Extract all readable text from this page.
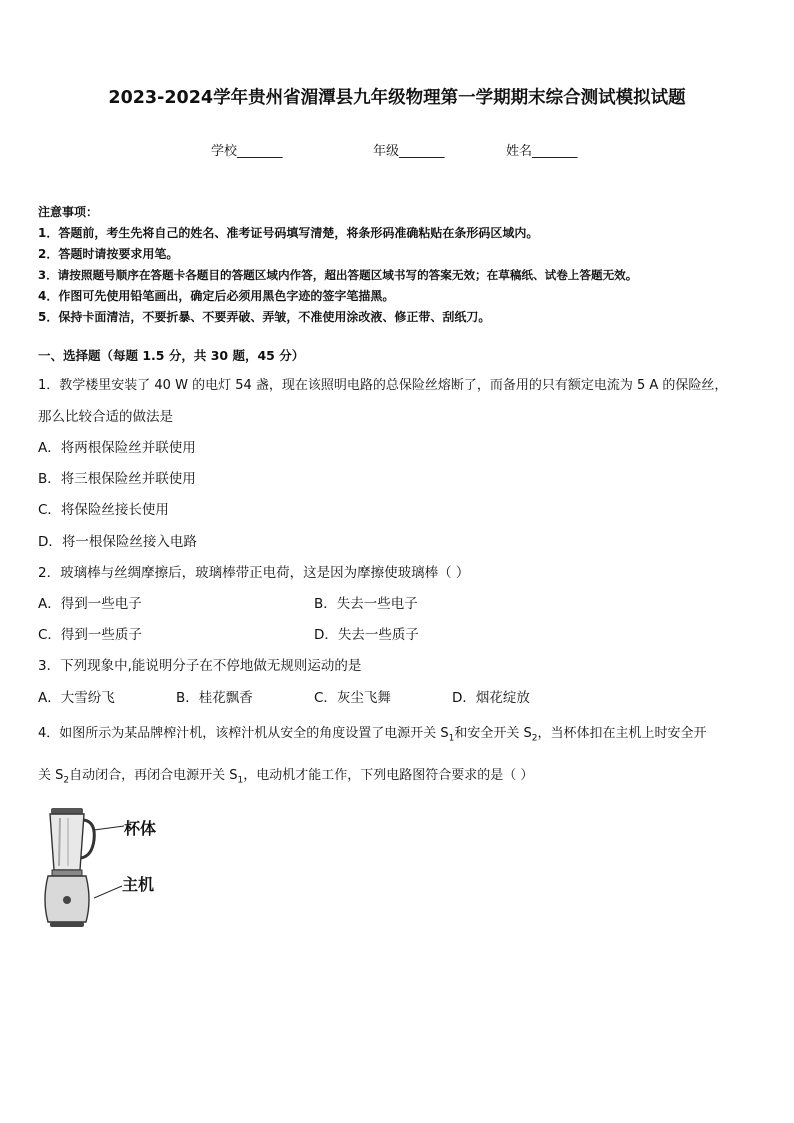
2023-2024学年贵州省湄潭县九年级物理第一学期期末综合测试模拟试题
学校_______	年级_______	姓名_______
注意事项：
1．答题前，考生先将自己的姓名、准考证号码填写清楚，将条形码准确粘贴在条形码区域内。
2．答题时请按要求用笔。
3．请按照题号顺序在答题卡各题目的答题区域内作答，超出答题区域书写的答案无效；在草稿纸、试卷上答题无效。
4．作图可先使用铅笔画出，确定后必须用黑色字迹的签字笔描黑。
5．保持卡面清洁，不要折暴、不要弄破、弄皱，不准使用涂改液、修正带、刮纸刀。
一、选择题（每题 1.5 分，共 30 题，45 分）
1．教学楼里安装了 40 W 的电灯 54 盏，现在该照明电路的总保险丝熔断了，而备用的只有额定电流为 5 A 的保险丝，
那么比较合适的做法是
A．将两根保险丝并联使用
B．将三根保险丝并联使用
C．将保险丝接长使用
D．将一根保险丝接入电路
2．玻璃棒与丝绸摩擦后，玻璃棒带正电荷，这是因为摩擦使玻璃棒（ ）
A．得到一些电子	B．失去一些电子
C．得到一些质子	D．失去一些质子
3．下列现象中,能说明分子在不停地做无规则运动的是
A．大雪纷飞	B．桂花飘香	C．灰尘飞舞	D．烟花绽放
4．如图所示为某品牌榨汁机，该榨汁机从安全的角度设置了电源开关 $S_1$和安全开关 $S_2$，当杯体扣在主机上时安全开
关 $S_2$自动闭合，再闭合电源开关 $S_1$，电动机才能工作，下列电路图符合要求的是（ ）
杯体
主机
